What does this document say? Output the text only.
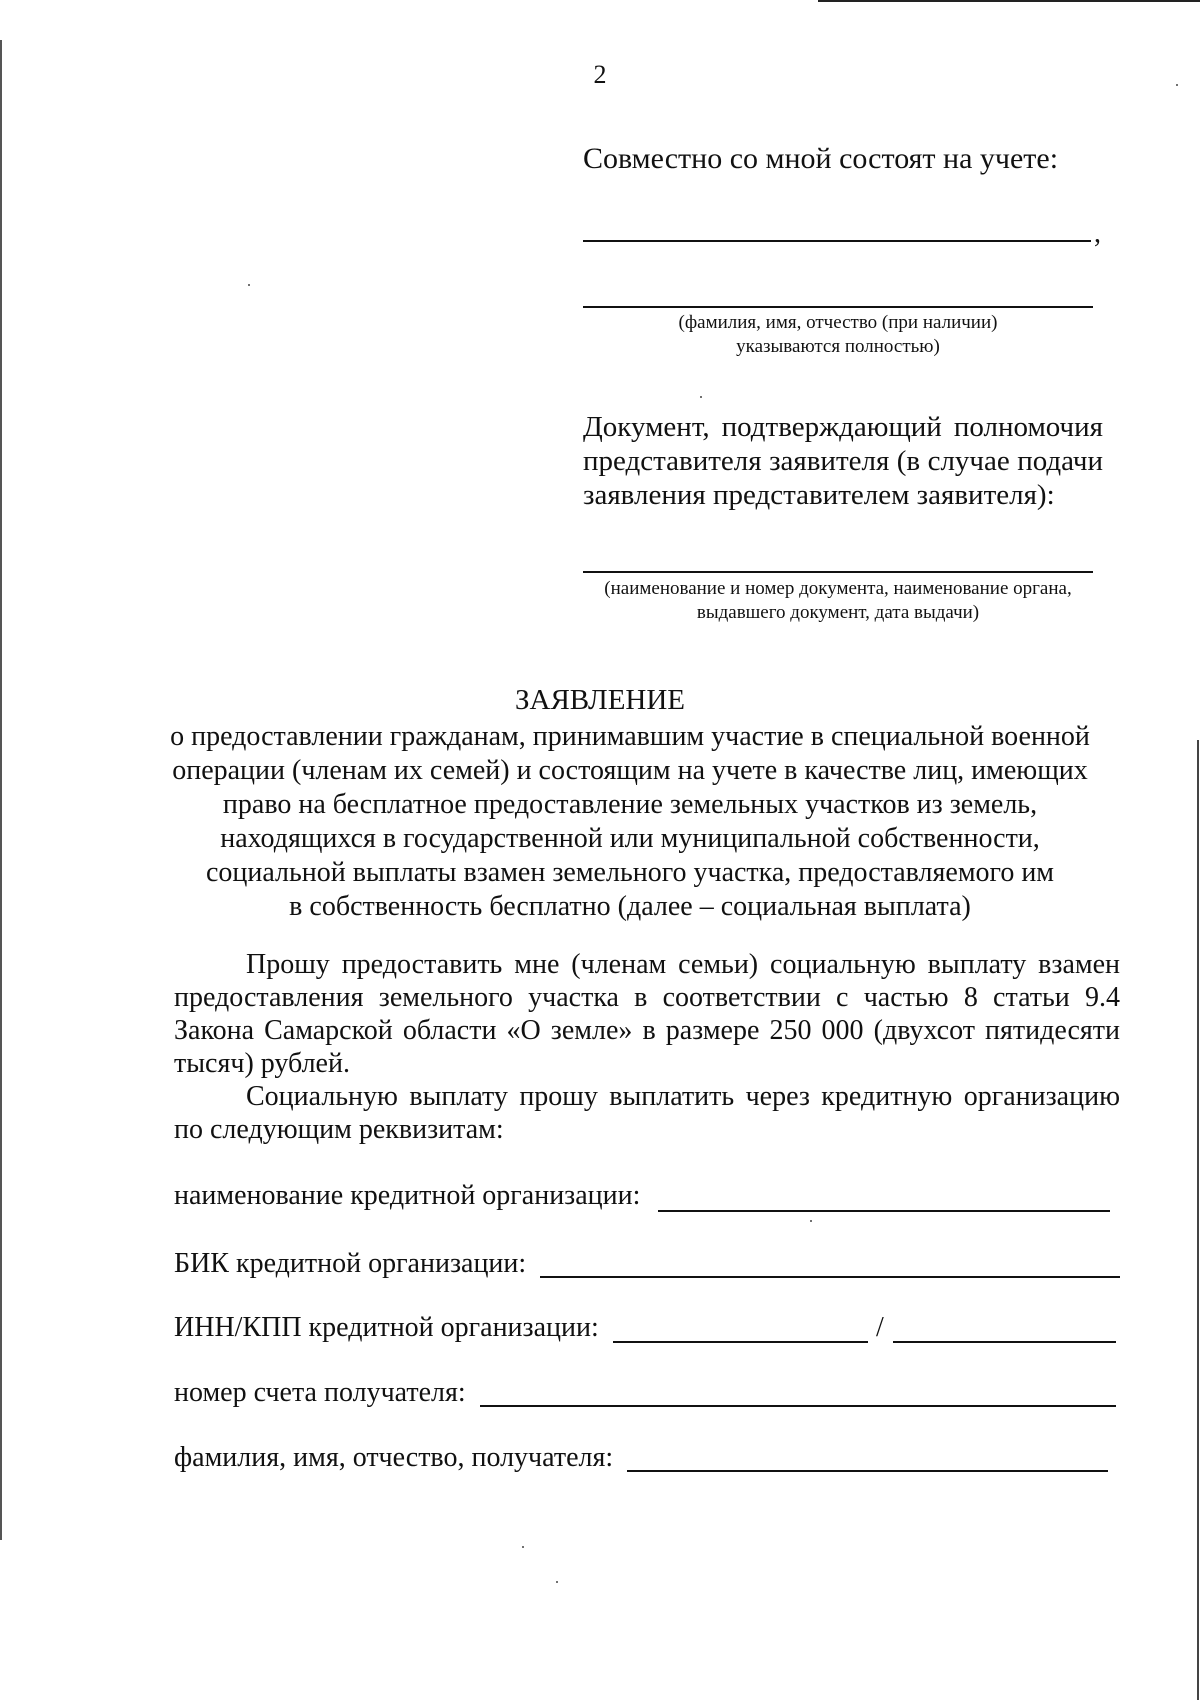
2
Совместно со мной состоят на учете:
,
(фамилия, имя, отчество (при наличии)
указываются полностью)
Документ, подтверждающий полномочия
представителя заявителя (в случае подачи
заявления представителем заявителя):
(наименование и номер документа, наименование органа,
выдавшего документ, дата выдачи)
ЗАЯВЛЕНИЕ
о предоставлении гражданам, принимавшим участие в специальной военной
операции (членам их семей) и состоящим на учете в качестве лиц, имеющих
право на бесплатное предоставление земельных участков из земель,
находящихся в государственной или муниципальной собственности,
социальной выплаты взамен земельного участка, предоставляемого им
в собственность бесплатно (далее – социальная выплата)
Прошу предоставить мне (членам семьи) социальную выплату взамен
предоставления земельного участка в соответствии с частью 8 статьи 9.4
Закона Самарской области «О земле» в размере 250 000 (двухсот пятидесяти
тысяч) рублей.
Социальную выплату прошу выплатить через кредитную организацию
по следующим реквизитам:
наименование кредитной организации:
БИК кредитной организации:
ИНН/КПП кредитной организации:	/
номер счета получателя:
фамилия, имя, отчество, получателя:
